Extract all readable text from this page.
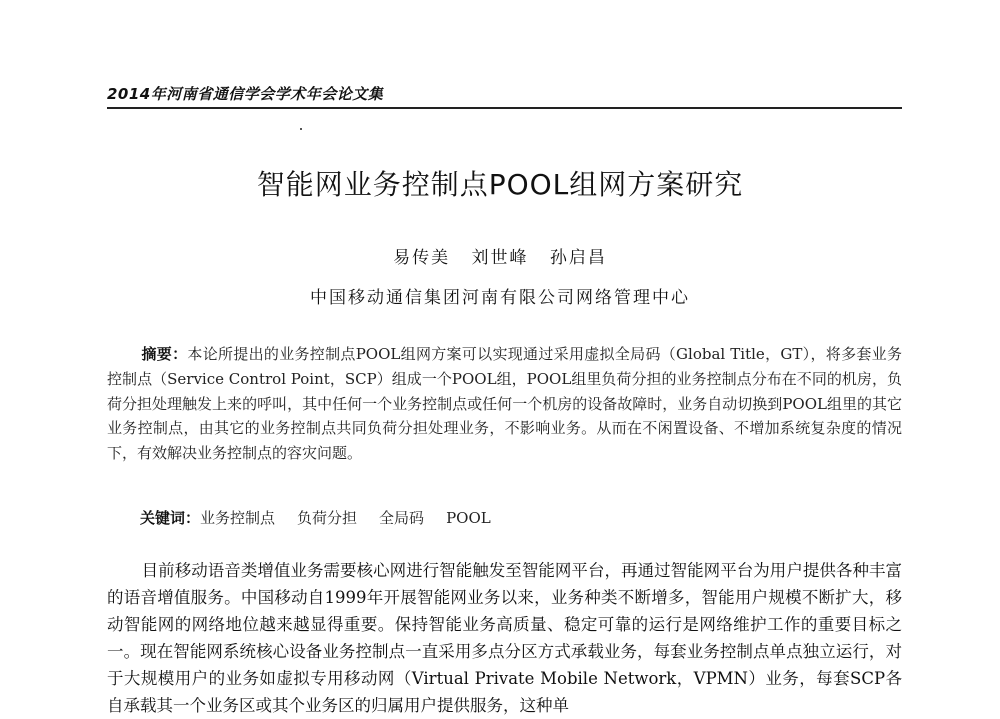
2014年河南省通信学会学术年会论文集
智能网业务控制点POOL组网方案研究
易传美 刘世峰 孙启昌
中国移动通信集团河南有限公司网络管理中心
摘要：本论所提出的业务控制点POOL组网方案可以实现通过采用虚拟全局码（Global Title，GT），将多套业务控制点（Service Control Point，SCP）组成一个POOL组，POOL组里负荷分担的业务控制点分布在不同的机房，负荷分担处理触发上来的呼叫，其中任何一个业务控制点或任何一个机房的设备故障时，业务自动切换到POOL组里的其它业务控制点，由其它的业务控制点共同负荷分担处理业务，不影响业务。从而在不闲置设备、不增加系统复杂度的情况下，有效解决业务控制点的容灾问题。
关键词：业务控制点 负荷分担 全局码 POOL

目前移动语音类增值业务需要核心网进行智能触发至智能网平台，再通过智能网平台为用户提供各种丰富的语音增值服务。中国移动自1999年开展智能网业务以来，业务种类不断增多，智能用户规模不断扩大，移动智能网的网络地位越来越显得重要。保持智能业务高质量、稳定可靠的运行是网络维护工作的重要目标之一。现在智能网系统核心设备业务控制点一直采用多点分区方式承载业务，每套业务控制点单点独立运行，对于大规模用户的业务如虚拟专用移动网（Virtual Private Mobile Network，VPMN）业务，每套SCP各自承载其一个业务区或其个业务区的归属用户提供服务，这种单
